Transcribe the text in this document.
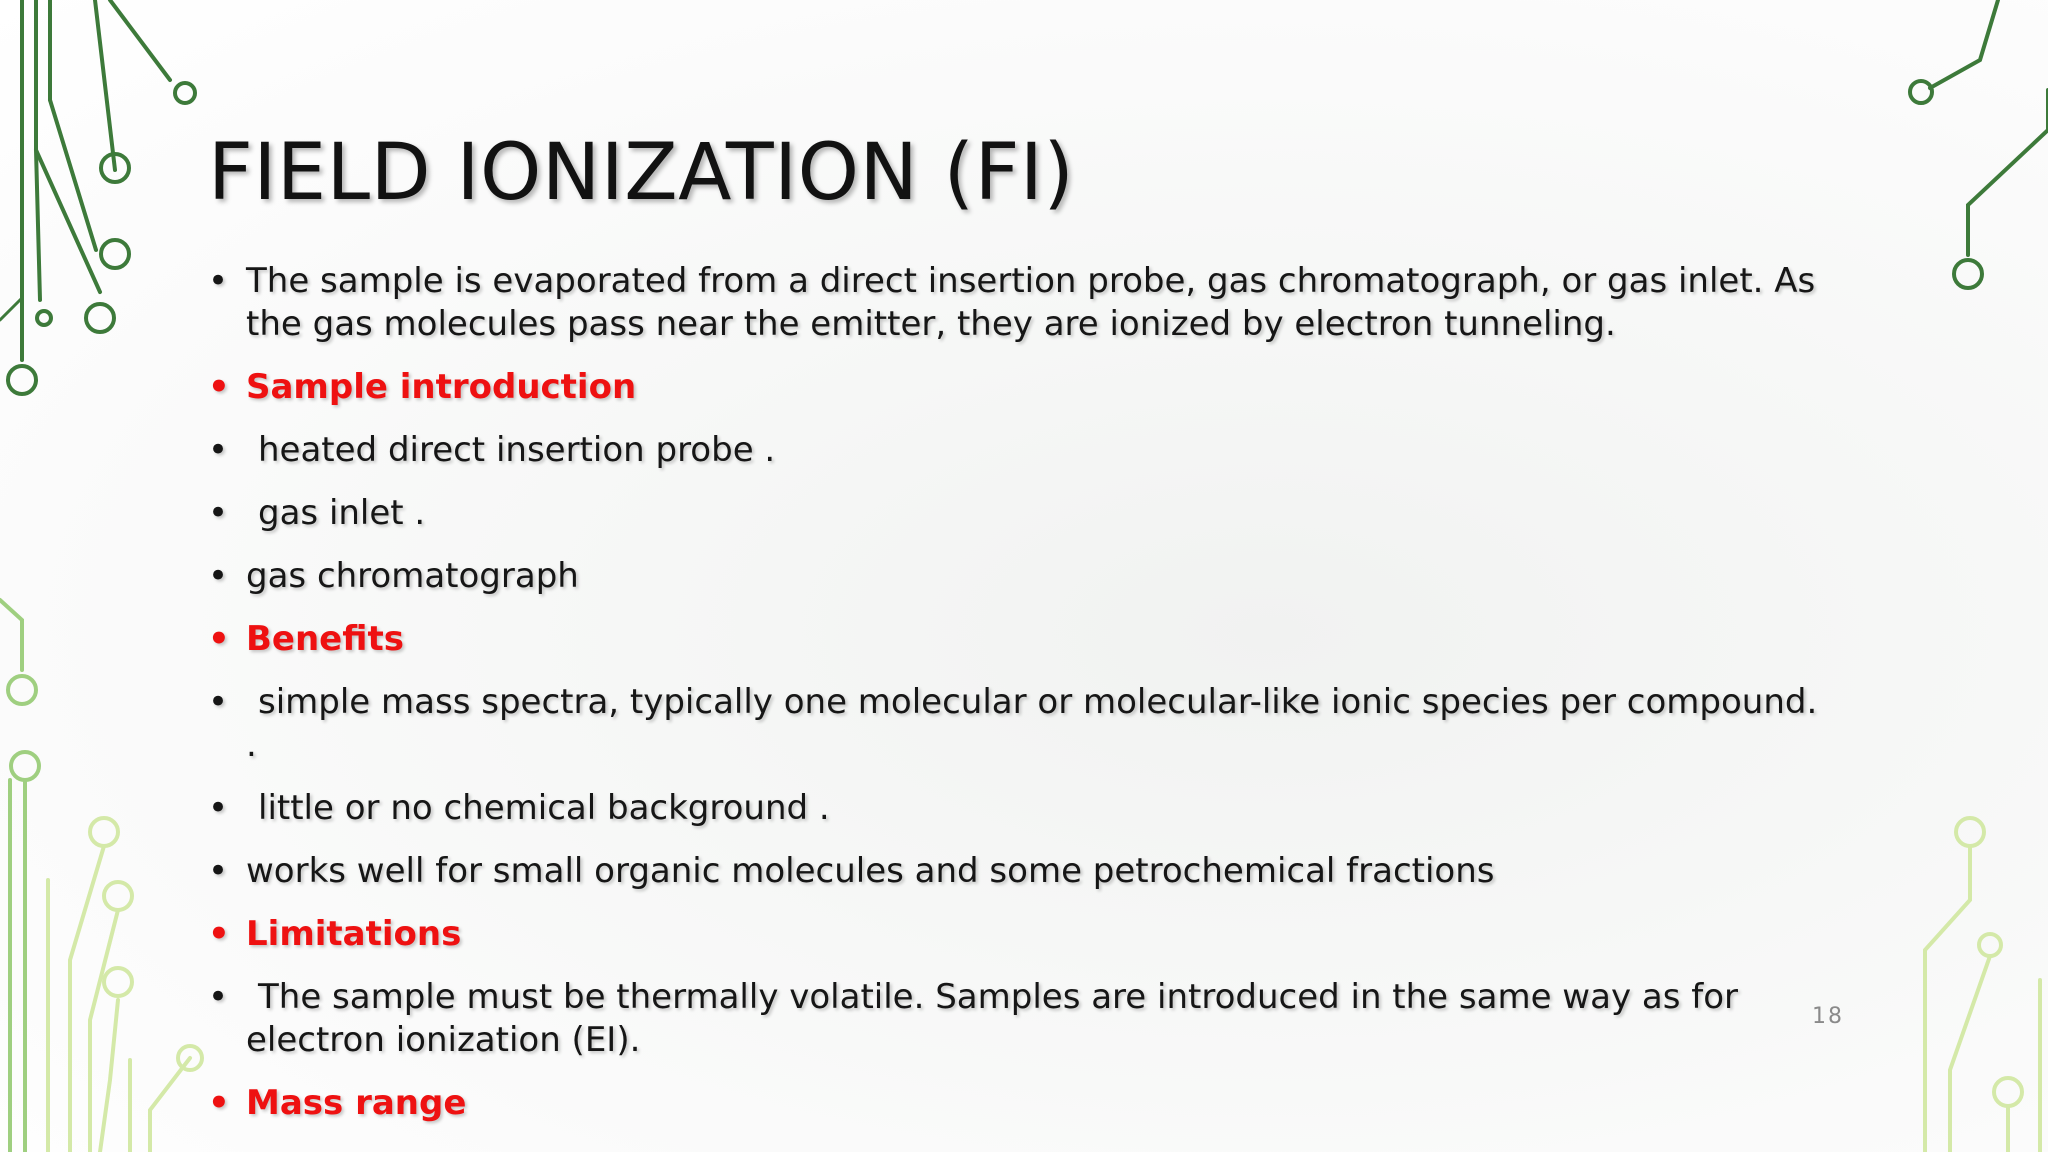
FIELD IONIZATION (FI)
• The sample is evaporated from a direct insertion probe, gas chromatograph, or gas inlet. As the gas molecules pass near the emitter, they are ionized by electron tunneling.
• Sample introduction
• heated direct insertion probe .
• gas inlet .
• gas chromatograph
• Benefits
• simple mass spectra, typically one molecular or molecular-like ionic species per compound. .
• little or no chemical background .
• works well for small organic molecules and some petrochemical fractions
• Limitations
• The sample must be thermally volatile. Samples are introduced in the same way as for electron ionization (EI).
• Mass range
18
